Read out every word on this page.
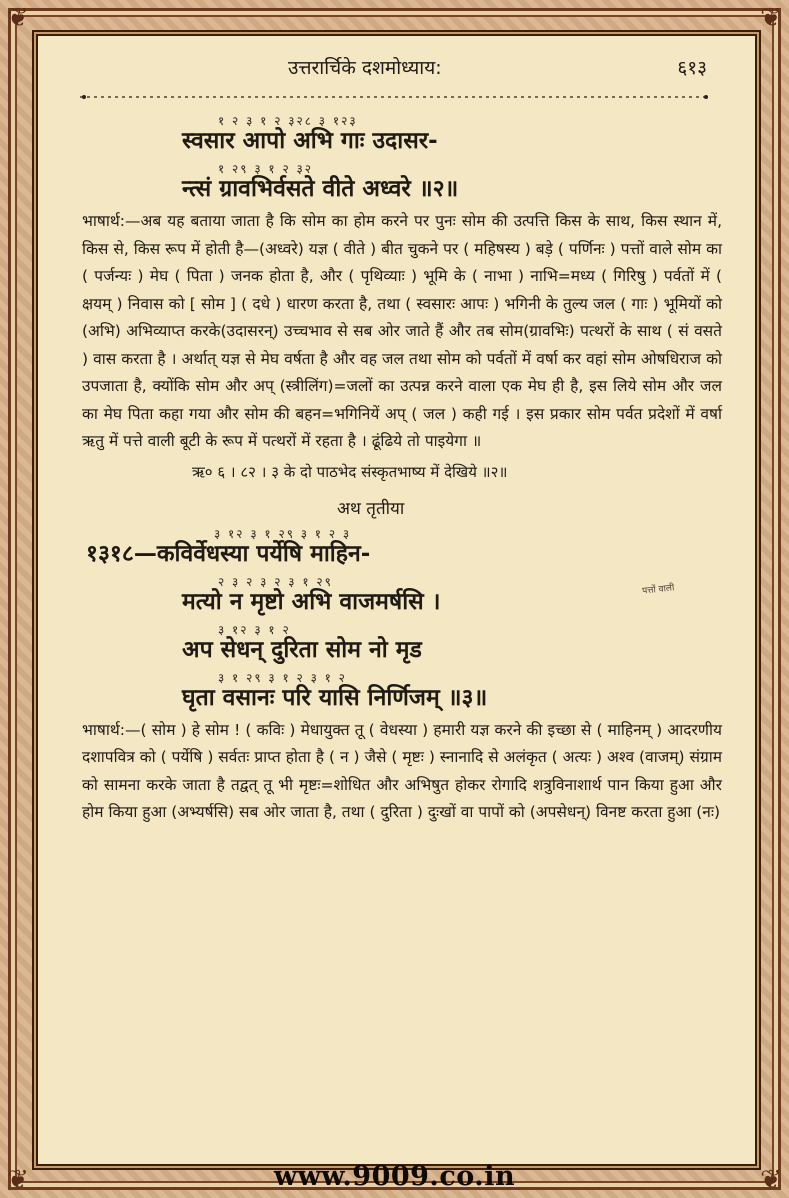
❦	❦
❦	❦
उत्तरार्चिके दशमोध्याय:	६१३
१ २ ३ १ २ ३२८ ३ १२३
स्वसार आपो अभि गाः उदासर-
१ २९ ३ १ २ ३२
न्त्सं ग्रावभिर्वसते वीते अध्वरे ॥२॥

भाषार्थ:—अब यह बताया जाता है कि सोम का होम करने पर पुनः सोम की उत्पत्ति किस के साथ, किस स्थान में, किस से, किस रूप में होती है—(अध्वरे) यज्ञ ( वीते ) बीत चुकने पर ( महिषस्य ) बड़े ( पर्णिनः ) पत्तों वाले सोम का ( पर्जन्यः ) मेघ ( पिता ) जनक होता है, और ( पृथिव्याः ) भूमि के ( नाभा ) नाभि=मध्य ( गिरिषु ) पर्वतों में ( क्षयम् ) निवास को [ सोम ] ( दधे ) धारण करता है, तथा ( स्वसारः आपः ) भगिनी के तुल्य जल ( गाः ) भूमियों को (अभि) अभिव्याप्त करके(उदासरन्) उच्चभाव से सब ओर जाते हैं और तब सोम(ग्रावभिः) पत्थरों के साथ ( सं वसते ) वास करता है । अर्थात् यज्ञ से मेघ वर्षता है और वह जल तथा सोम को पर्वतों में वर्षा कर वहां सोम ओषधिराज को उपजाता है, क्योंकि सोम और अप् (स्त्रीलिंग)=जलों का उत्पन्न करने वाला एक मेघ ही है, इस लिये सोम और जल का मेघ पिता कहा गया और सोम की बहन=भगिनियें अप् ( जल ) कही गई । इस प्रकार सोम पर्वत प्रदेशों में वर्षा ऋतु में पत्ते वाली बूटी के रूप में पत्थरों में रहता है । ढूंढिये तो पाइयेगा ॥

पत्तों वाली
ऋ० ६ । ८२ । ३ के दो पाठभेद संस्कृतभाष्य में देखिये ॥२॥
अथ तृतीया
३ १२ ३ १ २९ ३ १ २ ३
१३१८—कविर्वेधस्या पर्येषि माहिन-
२ ३ २ ३ २ ३ १ २९
मत्यो न मृष्टो अभि वाजमर्षसि ।
३ १२ ३ १ २
अप सेधन् दुरिता सोम नो मृड
३ १ २९ ३ १ २ ३ १ २
घृता वसानः परि यासि निर्णिजम् ॥३॥

भाषार्थ:—( सोम ) हे सोम ! ( कविः ) मेधायुक्त तू ( वेधस्या ) हमारी यज्ञ करने की इच्छा से ( माहिनम् ) आदरणीय दशापवित्र को ( पर्येषि ) सर्वतः प्राप्त होता है ( न ) जैसे ( मृष्टः ) स्नानादि से अलंकृत ( अत्यः ) अश्व (वाजम्) संग्राम को सामना करके जाता है तद्वत् तू भी मृष्टः=शोधित और अभिषुत होकर रोगादि शत्रुविनाशार्थ पान किया हुआ और होम किया हुआ (अभ्यर्षसि) सब ओर जाता है, तथा ( दुरिता ) दुःखों वा पापों को (अपसेधन्) विनष्ट करता हुआ (नः)

www.9009.co.in
